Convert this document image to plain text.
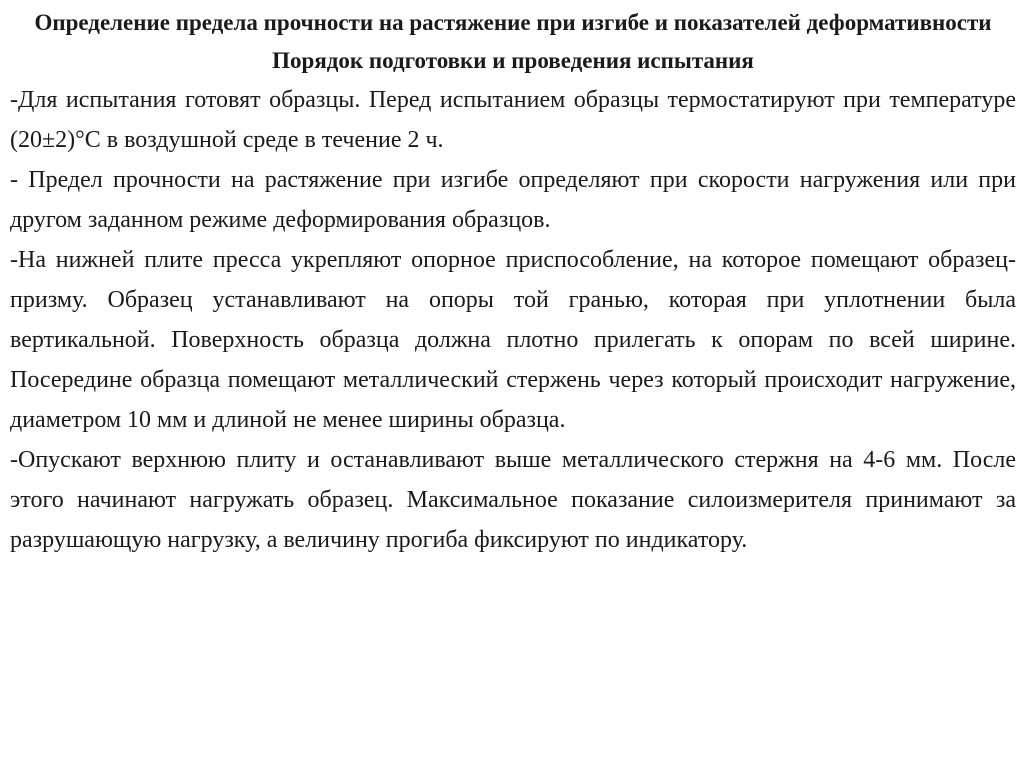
Определение предела прочности на растяжение при изгибе и показателей деформативности
Порядок подготовки и проведения испытания

-Для испытания готовят образцы. Перед испытанием образцы термостатируют при температуре (20±2)°C в воздушной среде в течение 2 ч.

- Предел прочности на растяжение при изгибе определяют при скорости нагружения или при другом заданном режиме деформирования образцов.

-На нижней плите пресса укрепляют опорное приспособление, на которое помещают образец-призму. Образец устанавливают на опоры той гранью, которая при уплотнении была вертикальной. Поверхность образца должна плотно прилегать к опорам по всей ширине. Посередине образца помещают металлический стержень через который происходит нагружение, диаметром 10 мм и длиной не менее ширины образца.

-Опускают верхнюю плиту и останавливают выше металлического стержня на 4-6 мм. После этого начинают нагружать образец. Максимальное показание силоизмерителя принимают за разрушающую нагрузку, а величину прогиба фиксируют по индикатору.
